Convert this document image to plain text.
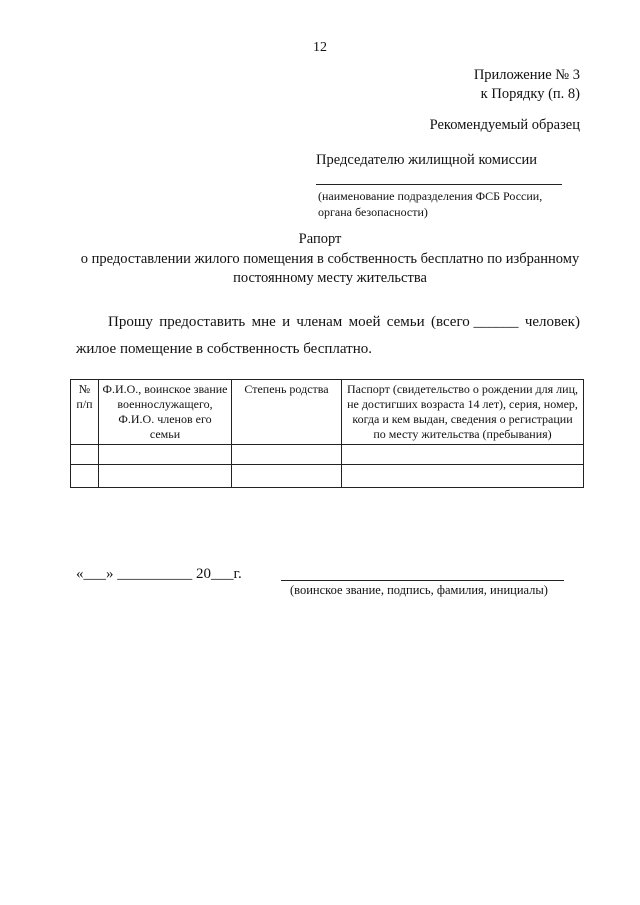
12
Приложение № 3
к Порядку (п. 8)
Рекомендуемый образец
Председателю жилищной комиссии
(наименование подразделения ФСБ России,
органа безопасности)
Рапорт
о предоставлении жилого помещения в собственность бесплатно по избранному постоянному месту жительства
Прошу предоставить мне и членам моей семьи (всего ______ человек)
жилое помещение в собственность бесплатно.
№ п/п	Ф.И.О., воинское звание военнослужащего, Ф.И.О. членов его семьи	Степень родства	Паспорт (свидетельство о рождении для лиц, не достигших возраста 14 лет), серия, номер, когда и кем выдан, сведения о регистрации по месту жительства (пребывания)

«___» __________ 20___г.
(воинское звание, подпись, фамилия, инициалы)
